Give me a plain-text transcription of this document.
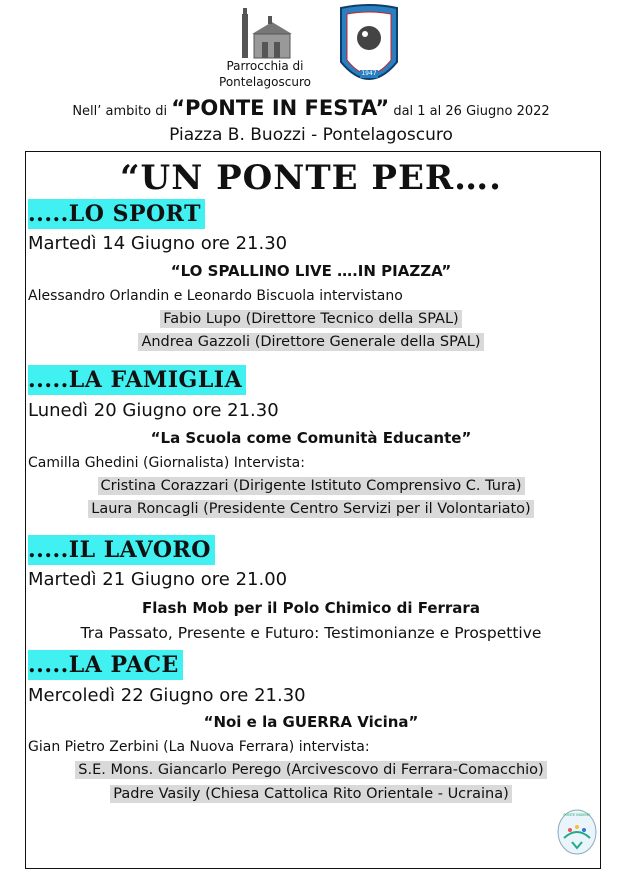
Parrocchia di
Pontelagoscuro
1947
Nell’ ambito di “PONTE IN FESTA” dal 1 al 26 Giugno 2022
Piazza B. Buozzi - Pontelagoscuro
“UN PONTE PER….
.....LO SPORT
Martedì 14 Giugno ore 21.30
“LO SPALLINO LIVE ….IN PIAZZA”
Alessandro Orlandin e Leonardo Biscuola intervistano
Fabio Lupo (Direttore Tecnico della SPAL)
Andrea Gazzoli (Direttore Generale della SPAL)
.....LA FAMIGLIA
Lunedì 20 Giugno ore 21.30
“La Scuola come Comunità Educante”
Camilla Ghedini (Giornalista) Intervista:
Cristina Corazzari (Dirigente Istituto Comprensivo C. Tura)
Laura Roncagli (Presidente Centro Servizi per il Volontariato)
.....IL LAVORO
Martedì 21 Giugno ore 21.00
Flash Mob per il Polo Chimico di Ferrara
Tra Passato, Presente e Futuro: Testimonianze e Prospettive
.....LA PACE
Mercoledì 22 Giugno ore 21.30
“Noi e la GUERRA Vicina”
Gian Pietro Zerbini (La Nuova Ferrara) intervista:
S.E. Mons. Giancarlo Perego (Arcivescovo di Ferrara-Comacchio)
Padre Vasily (Chiesa Cattolica Rito Orientale - Ucraina)
PONTE INSIEME
